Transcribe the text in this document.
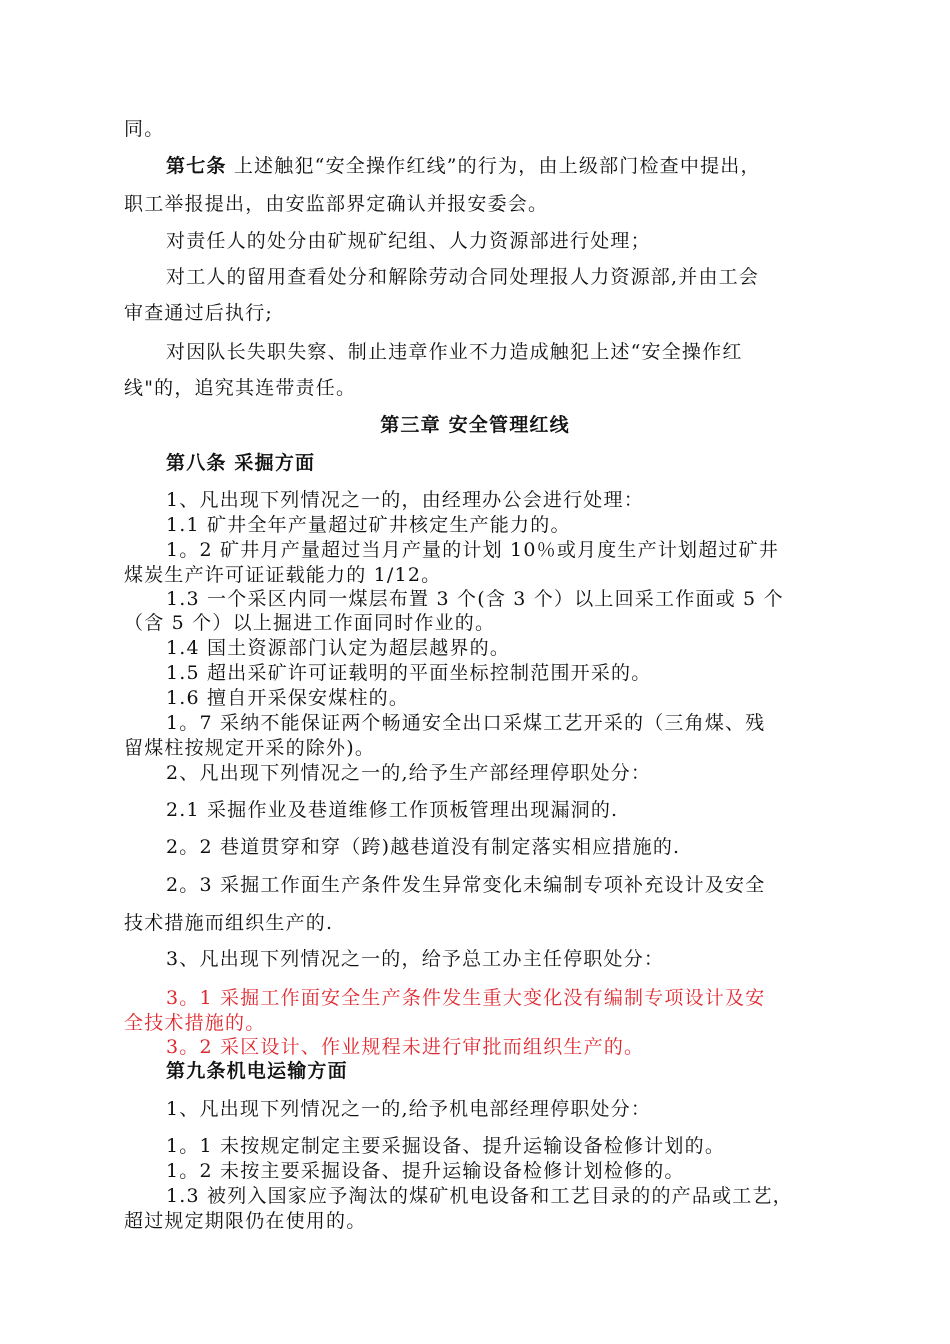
同。
第七条 上述触犯“安全操作红线”的行为，由上级部门检查中提出，
职工举报提出，由安监部界定确认并报安委会。
对责任人的处分由矿规矿纪组、人力资源部进行处理；
对工人的留用查看处分和解除劳动合同处理报人力资源部,并由工会
审查通过后执行;
对因队长失职失察、制止违章作业不力造成触犯上述“安全操作红
线"的，追究其连带责任。
第三章 安全管理红线
第八条 采掘方面
1、凡出现下列情况之一的，由经理办公会进行处理：
1.1 矿井全年产量超过矿井核定生产能力的。
1。2 矿井月产量超过当月产量的计划 10％或月度生产计划超过矿井
煤炭生产许可证证载能力的 1/12。
1.3 一个采区内同一煤层布置 3 个(含 3 个）以上回采工作面或 5 个
（含 5 个）以上掘进工作面同时作业的。
1.4 国土资源部门认定为超层越界的。
1.5 超出采矿许可证载明的平面坐标控制范围开采的。
1.6 擅自开采保安煤柱的。
1。7 采纳不能保证两个畅通安全出口采煤工艺开采的（三角煤、残
留煤柱按规定开采的除外)。
2、凡出现下列情况之一的,给予生产部经理停职处分：
2.1 采掘作业及巷道维修工作顶板管理出现漏洞的.
2。2 巷道贯穿和穿（跨)越巷道没有制定落实相应措施的.
2。3 采掘工作面生产条件发生异常变化未编制专项补充设计及安全
技术措施而组织生产的.
3、凡出现下列情况之一的，给予总工办主任停职处分：
3。1 采掘工作面安全生产条件发生重大变化没有编制专项设计及安
全技术措施的。
3。2 采区设计、作业规程未进行审批而组织生产的。
第九条机电运输方面
1、凡出现下列情况之一的,给予机电部经理停职处分：
1。1 未按规定制定主要采掘设备、提升运输设备检修计划的。
1。2 未按主要采掘设备、提升运输设备检修计划检修的。
1.3 被列入国家应予淘汰的煤矿机电设备和工艺目录的的产品或工艺，
超过规定期限仍在使用的。
